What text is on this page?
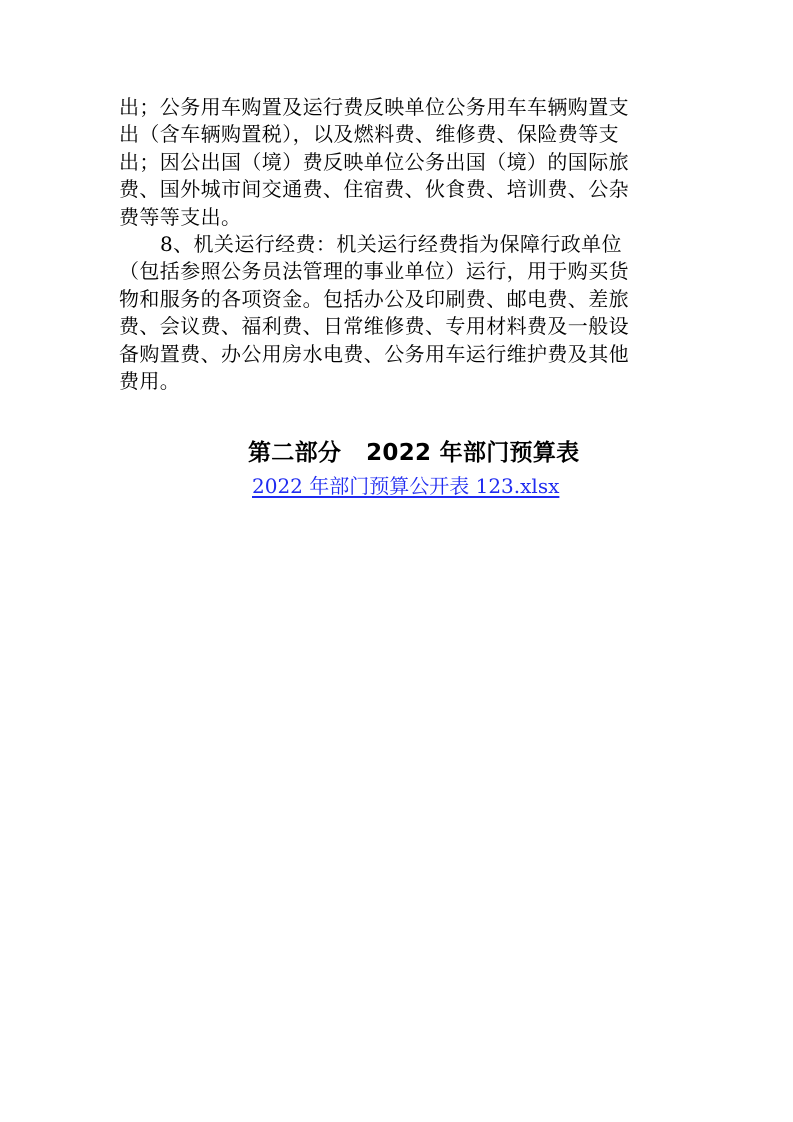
出；公务用车购置及运行费反映单位公务用车车辆购置支
出（含车辆购置税），以及燃料费、维修费、保险费等支
出；因公出国（境）费反映单位公务出国（境）的国际旅
费、国外城市间交通费、住宿费、伙食费、培训费、公杂
费等等支出。
8、机关运行经费：机关运行经费指为保障行政单位
（包括参照公务员法管理的事业单位）运行，用于购买货
物和服务的各项资金。包括办公及印刷费、邮电费、差旅
费、会议费、福利费、日常维修费、专用材料费及一般设
备购置费、办公用房水电费、公务用车运行维护费及其他
费用。
第二部分   2022 年部门预算表
2022 年部门预算公开表 123.xlsx
